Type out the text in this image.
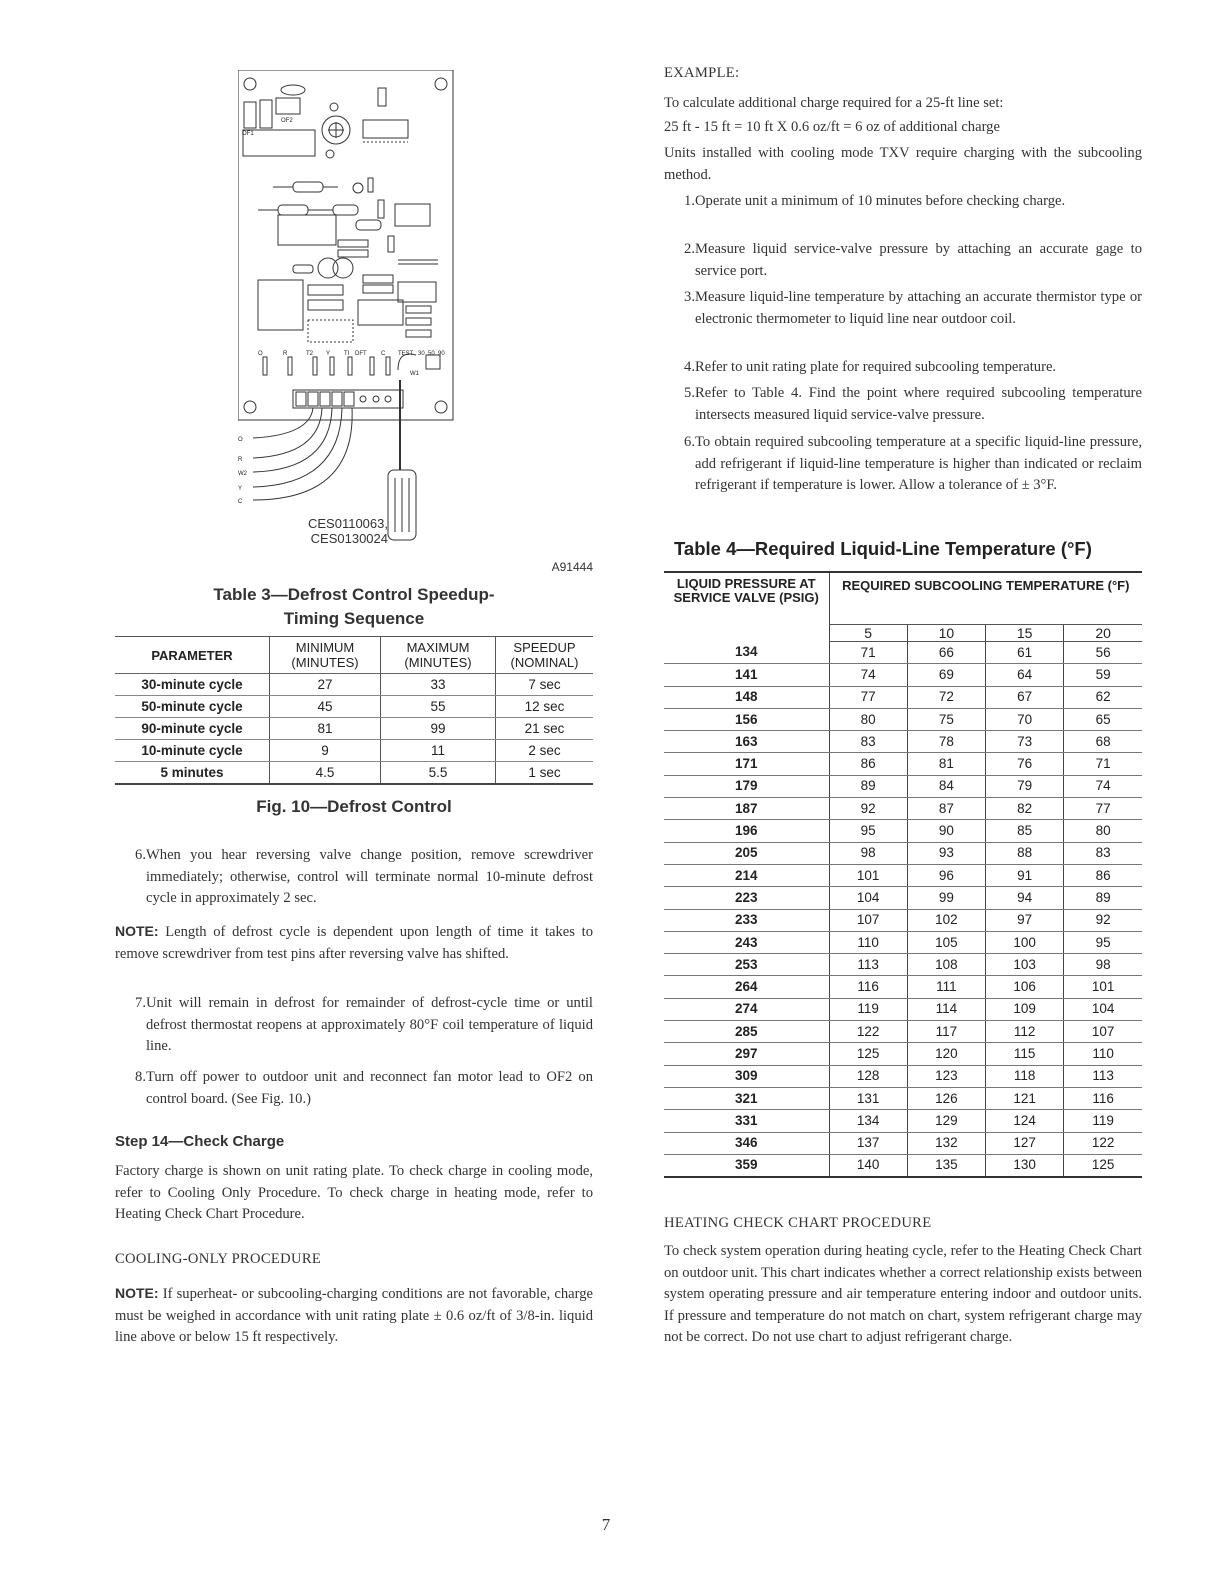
OF1
OF2
O	R	T2 Y TI DFT C TEST 30 50 90
W1
O
R
W2
Y
C
CES0110063,
CES0130024
A91444
Table 3—Defrost Control Speedup-
Timing Sequence
PARAMETER	MINIMUM (MINUTES)	MAXIMUM (MINUTES)	SPEEDUP (NOMINAL)
30-minute cycle	27	33	7 sec
50-minute cycle	45	55	12 sec
90-minute cycle	81	99	21 sec
10-minute cycle	9	11	2 sec
5 minutes	4.5	5.5	1 sec
Fig. 10—Defrost Control
6. When you hear reversing valve change position, remove screwdriver immediately; otherwise, control will terminate normal 10-minute defrost cycle in approximately 2 sec.
NOTE: Length of defrost cycle is dependent upon length of time it takes to remove screwdriver from test pins after reversing valve has shifted.
7. Unit will remain in defrost for remainder of defrost-cycle time or until defrost thermostat reopens at approximately 80°F coil temperature of liquid line.
8. Turn off power to outdoor unit and reconnect fan motor lead to OF2 on control board. (See Fig. 10.)
Step 14—Check Charge
Factory charge is shown on unit rating plate. To check charge in cooling mode, refer to Cooling Only Procedure. To check charge in heating mode, refer to Heating Check Chart Procedure.
COOLING-ONLY PROCEDURE
NOTE: If superheat- or subcooling-charging conditions are not favorable, charge must be weighed in accordance with unit rating plate ± 0.6 oz/ft of 3/8-in. liquid line above or below 15 ft respectively.
EXAMPLE:
To calculate additional charge required for a 25-ft line set:
25 ft - 15 ft = 10 ft X 0.6 oz/ft = 6 oz of additional charge
Units installed with cooling mode TXV require charging with the subcooling method.
1. Operate unit a minimum of 10 minutes before checking charge.
2. Measure liquid service-valve pressure by attaching an accurate gage to service port.
3. Measure liquid-line temperature by attaching an accurate thermistor type or electronic thermometer to liquid line near outdoor coil.
4. Refer to unit rating plate for required subcooling temperature.
5. Refer to Table 4. Find the point where required subcooling temperature intersects measured liquid service-valve pressure.
6. To obtain required subcooling temperature at a specific liquid-line pressure, add refrigerant if liquid-line temperature is higher than indicated or reclaim refrigerant if temperature is lower. Allow a tolerance of ± 3°F.
Table 4—Required Liquid-Line Temperature (°F)
LIQUID PRESSURE AT SERVICE VALVE (PSIG)	REQUIRED SUBCOOLING TEMPERATURE (°F)			
	5	10	15	20
134	71	66	61	56
141	74	69	64	59
148	77	72	67	62
156	80	75	70	65
163	83	78	73	68
171	86	81	76	71
179	89	84	79	74
187	92	87	82	77
196	95	90	85	80
205	98	93	88	83
214	101	96	91	86
223	104	99	94	89
233	107	102	97	92
243	110	105	100	95
253	113	108	103	98
264	116	111	106	101
274	119	114	109	104
285	122	117	112	107
297	125	120	115	110
309	128	123	118	113
321	131	126	121	116
331	134	129	124	119
346	137	132	127	122
359	140	135	130	125
HEATING CHECK CHART PROCEDURE
To check system operation during heating cycle, refer to the Heating Check Chart on outdoor unit. This chart indicates whether a correct relationship exists between system operating pressure and air temperature entering indoor and outdoor units. If pressure and temperature do not match on chart, system refrigerant charge may not be correct. Do not use chart to adjust refrigerant charge.
7
